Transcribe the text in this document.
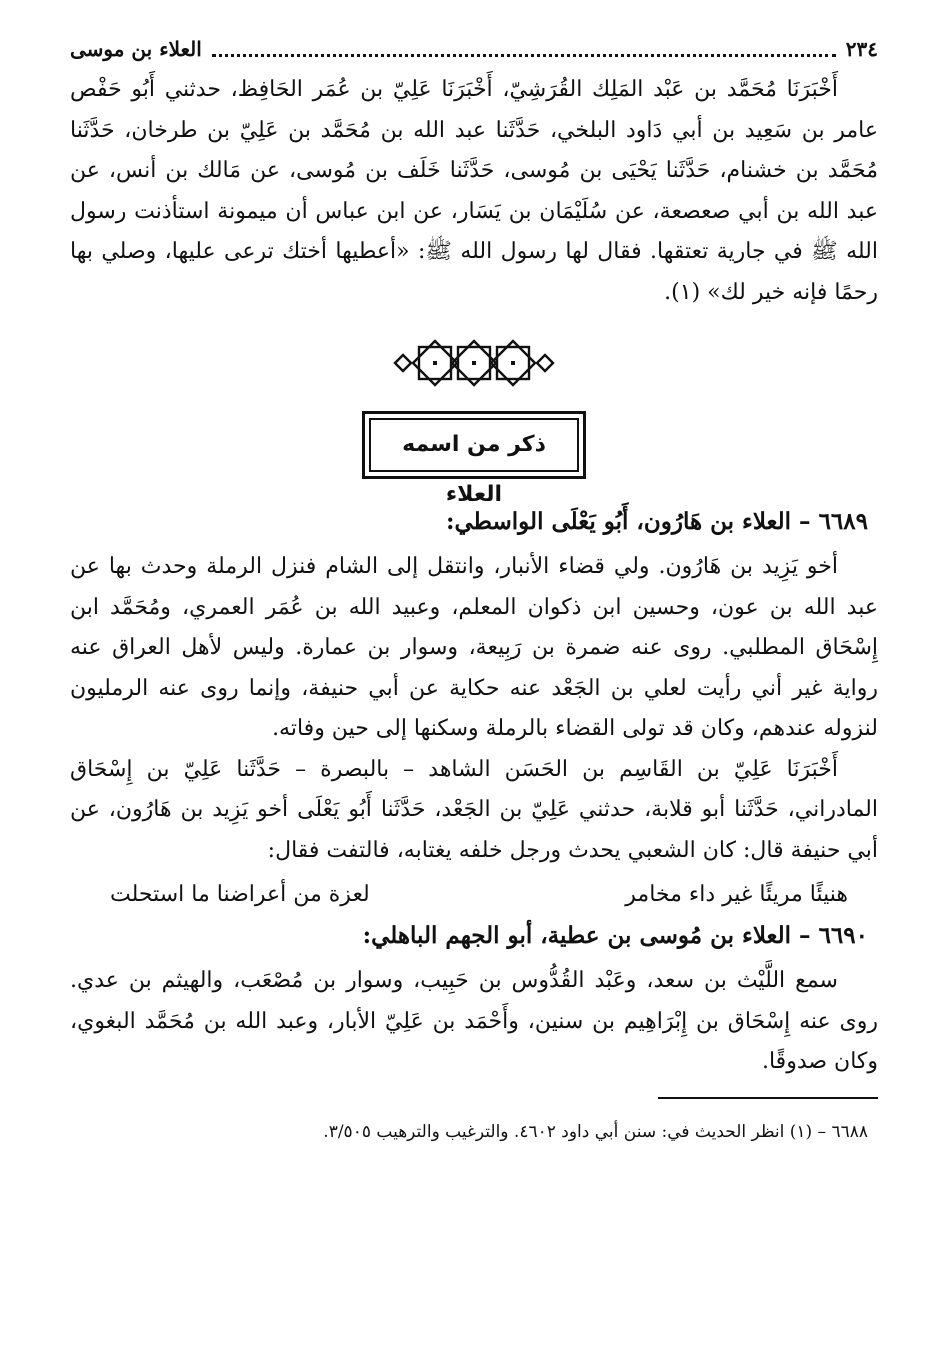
٢٣٤
العلاء بن موسى

أَخْبَرَنَا مُحَمَّد بن عَبْد المَلِك القُرَشِيّ، أَخْبَرَنَا عَلِيّ بن عُمَر الحَافِظ، حدثني أَبُو حَفْص عامر بن سَعِيد بن أبي دَاود البلخي، حَدَّثَنا عبد الله بن مُحَمَّد بن عَلِيّ بن طرخان، حَدَّثَنا مُحَمَّد بن خشنام، حَدَّثَنا يَحْيَى بن مُوسى، حَدَّثَنا خَلَف بن مُوسى، عن مَالك بن أنس، عن عبد الله بن أبي صعصعة، عن سُلَيْمَان بن يَسَار، عن ابن عباس أن ميمونة استأذنت رسول الله ﷺ في جارية تعتقها. فقال لها رسول الله ﷺ: «أعطيها أختك ترعى عليها، وصلي بها رحمًا فإنه خير لك» (١).

ذكر من اسمه العلاء
٦٦٨٩ – العلاء بن هَارُون، أَبُو يَعْلَى الواسطي:

أخو يَزِيد بن هَارُون. ولي قضاء الأنبار، وانتقل إلى الشام فنزل الرملة وحدث بها عن عبد الله بن عون، وحسين ابن ذكوان المعلم، وعبيد الله بن عُمَر العمري، ومُحَمَّد ابن إِسْحَاق المطلبي. روى عنه ضمرة بن رَبِيعة، وسوار بن عمارة. وليس لأهل العراق عنه رواية غير أني رأيت لعلي بن الجَعْد عنه حكاية عن أبي حنيفة، وإنما روى عنه الرمليون لنزوله عندهم، وكان قد تولى القضاء بالرملة وسكنها إلى حين وفاته.

أَخْبَرَنَا عَلِيّ بن القَاسِم بن الحَسَن الشاهد – بالبصرة – حَدَّثَنا عَلِيّ بن إِسْحَاق المادراني، حَدَّثَنا أبو قلابة، حدثني عَلِيّ بن الجَعْد، حَدَّثَنا أَبُو يَعْلَى أخو يَزِيد بن هَارُون، عن أبي حنيفة قال: كان الشعبي يحدث ورجل خلفه يغتابه، فالتفت فقال:

هنيئًا مريئًا غير داء مخامر
لعزة من أعراضنا ما استحلت
٦٦٩٠ – العلاء بن مُوسى بن عطية، أبو الجهم الباهلي:

سمع اللَّيْث بن سعد، وعَبْد القُدُّوس بن حَبِيب، وسوار بن مُصْعَب، والهيثم بن عدي. روى عنه إِسْحَاق بن إِبْرَاهِيم بن سنين، وأَحْمَد بن عَلِيّ الأبار، وعبد الله بن مُحَمَّد البغوي، وكان صدوقًا.

٦٦٨٨ – (١) انظر الحديث في: سنن أبي داود ٤٦٠٢. والترغيب والترهيب ٣/٥٠٥.
